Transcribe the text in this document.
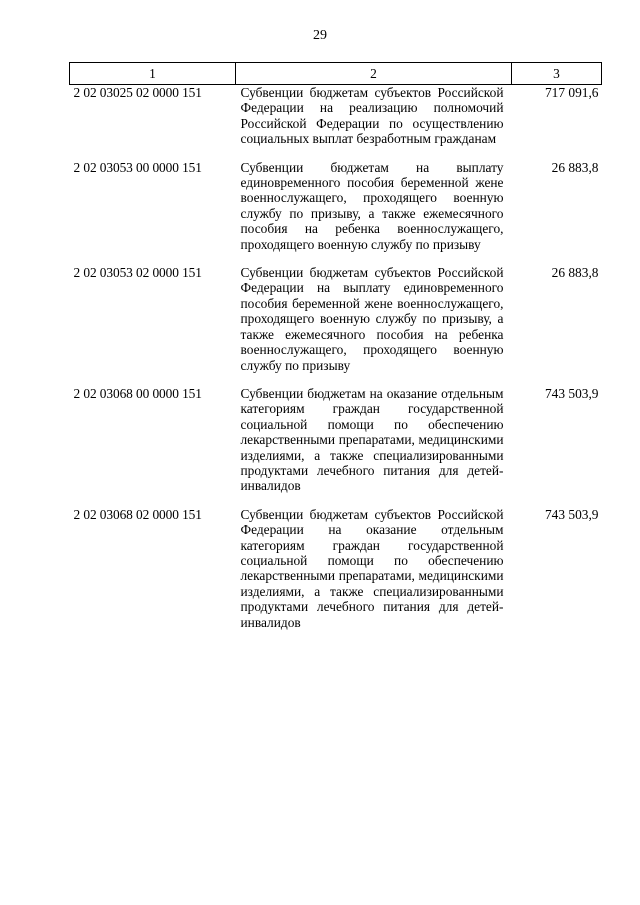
29
1	2	3
2 02 03025 02 0000 151	Субвенции бюджетам субъектов Российской Федерации на реализацию полномочий Российской Федерации по осуществлению социальных выплат безработным гражданам	717 091,6
2 02 03053 00 0000 151	Субвенции бюджетам на выплату единовременного пособия беременной жене военнослужащего, проходящего военную службу по призыву, а также ежемесячного пособия на ребенка военнослужащего, проходящего военную службу по призыву	26 883,8
2 02 03053 02 0000 151	Субвенции бюджетам субъектов Российской Федерации на выплату единовременного пособия беременной жене военнослужащего, проходящего военную службу по призыву, а также ежемесячного пособия на ребенка военнослужащего, проходящего военную службу по призыву	26 883,8
2 02 03068 00 0000 151	Субвенции бюджетам на оказание отдельным категориям граждан государственной социальной помощи по обеспечению лекарственными препаратами, медицинскими изделиями, а также специализированными продуктами лечебного питания для детей-инвалидов	743 503,9
2 02 03068 02 0000 151	Субвенции бюджетам субъектов Российской Федерации на оказание отдельным категориям граждан государственной социальной помощи по обеспечению лекарственными препаратами, медицинскими изделиями, а также специализированными продуктами лечебного питания для детей-инвалидов	743 503,9
